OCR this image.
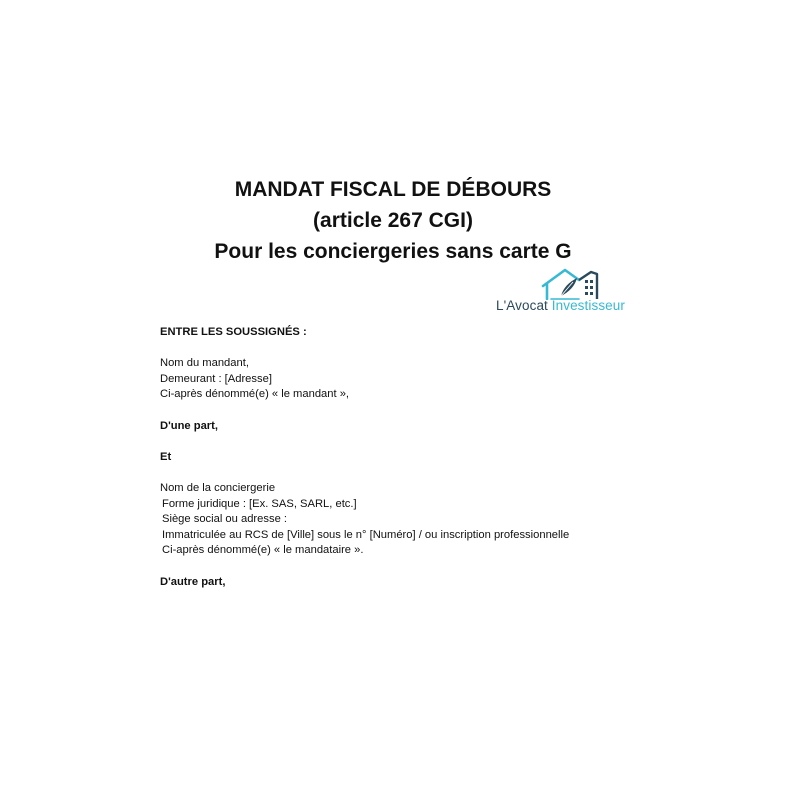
MANDAT FISCAL DE DÉBOURS
(article 267 CGI)
Pour les conciergeries sans carte G
L'Avocat Investisseur
ENTRE LES SOUSSIGNÉS :
Nom du mandant,
Demeurant : [Adresse]
Ci-après dénommé(e) « le mandant »,
D'une part,
Et
Nom de la conciergerie
Forme juridique : [Ex. SAS, SARL, etc.]
Siège social ou adresse :
Immatriculée au RCS de [Ville] sous le n° [Numéro] / ou inscription professionnelle
Ci-après dénommé(e) « le mandataire ».
D'autre part,
